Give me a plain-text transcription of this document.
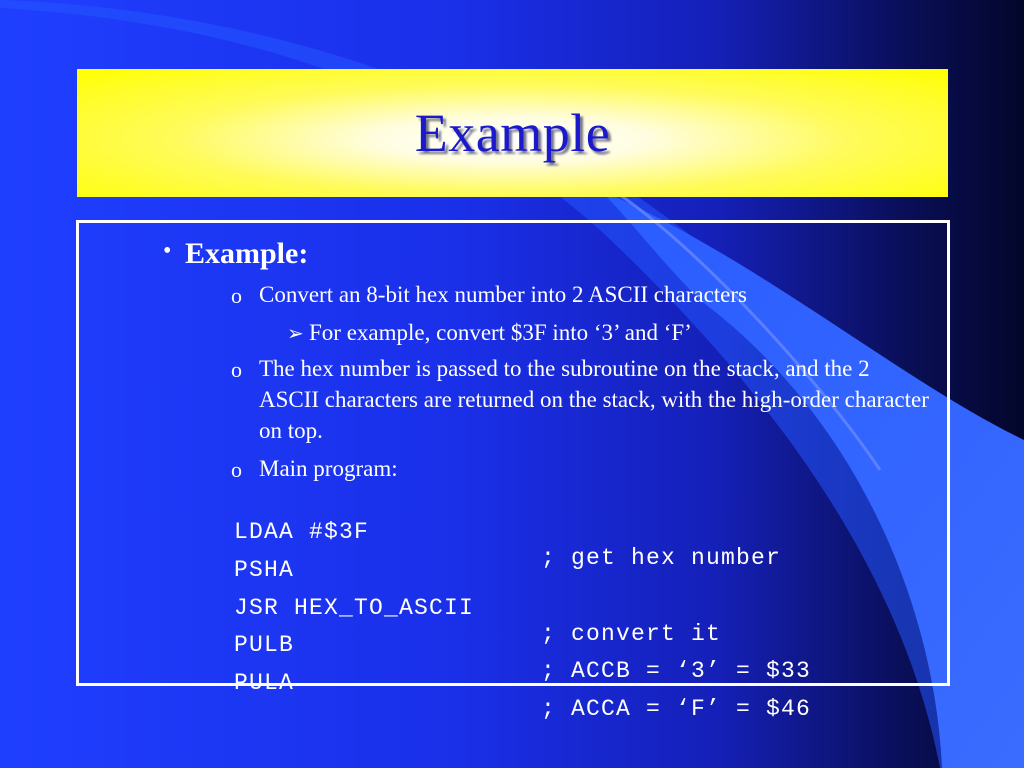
Example
• Example:
o Convert an 8-bit hex number into 2 ASCII characters
➢ For example, convert $3F into ‘3’ and ‘F’
o The hex number is passed to the subroutine on the stack, and the 2 ASCII characters are returned on the stack, with the high-order character on top.
o Main program:

LDAA #$3F

; get hex number

PSHA

JSR HEX_TO_ASCII

; convert it

PULB

; ACCB = ‘3’ = $33

PULA

; ACCA = ‘F’ = $46
